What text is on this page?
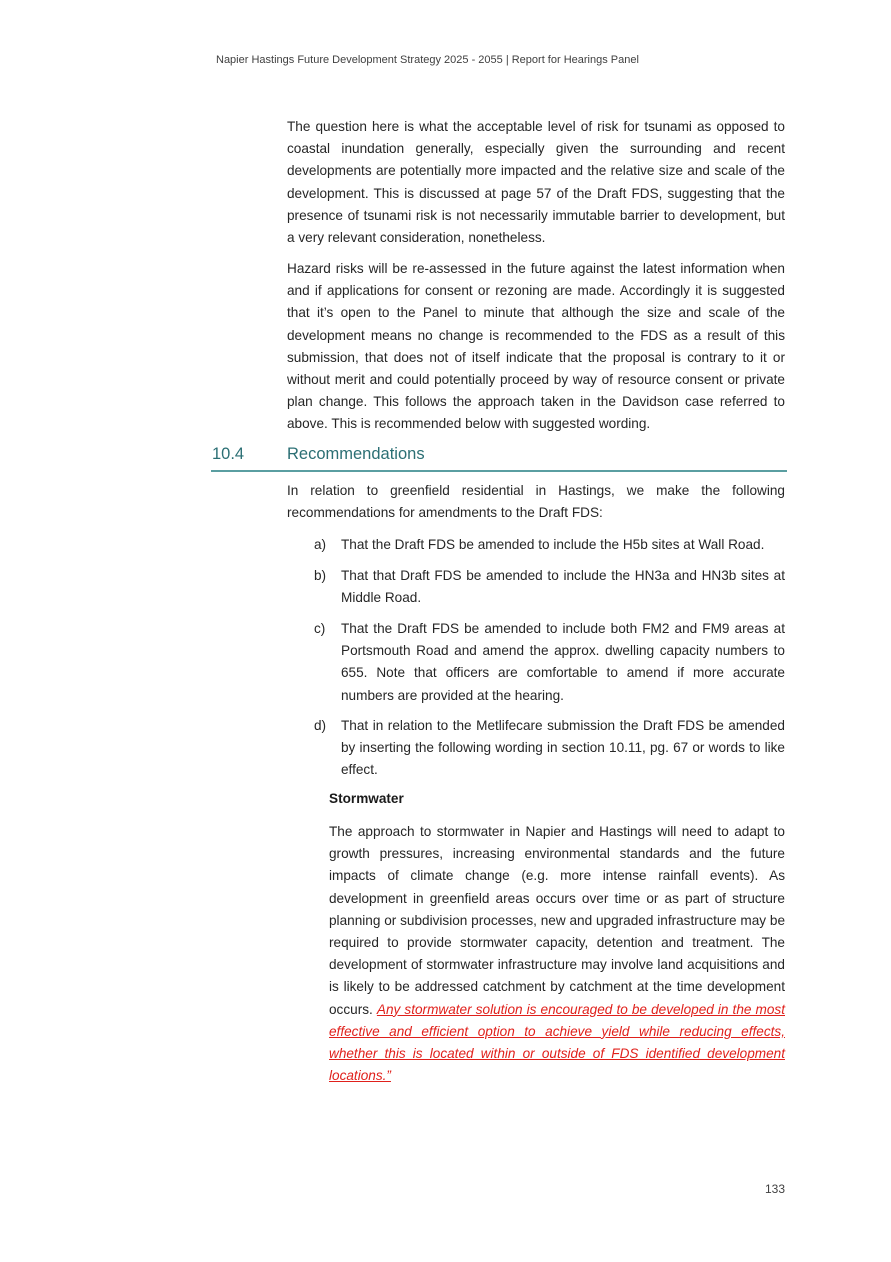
Napier Hastings Future Development Strategy 2025 - 2055 | Report for Hearings Panel

The question here is what the acceptable level of risk for tsunami as opposed to coastal inundation generally, especially given the surrounding and recent developments are potentially more impacted and the relative size and scale of the development. This is discussed at page 57 of the Draft FDS, suggesting that the presence of tsunami risk is not necessarily immutable barrier to development, but a very relevant consideration, nonetheless.

Hazard risks will be re-assessed in the future against the latest information when and if applications for consent or rezoning are made. Accordingly it is suggested that it’s open to the Panel to minute that although the size and scale of the development means no change is recommended to the FDS as a result of this submission, that does not of itself indicate that the proposal is contrary to it or without merit and could potentially proceed by way of resource consent or private plan change. This follows the approach taken in the Davidson case referred to above. This is recommended below with suggested wording.

10.4	Recommendations

In relation to greenfield residential in Hastings, we make the following recommendations for amendments to the Draft FDS:

a) That the Draft FDS be amended to include the H5b sites at Wall Road.
b) That that Draft FDS be amended to include the HN3a and HN3b sites at Middle Road.
c) That the Draft FDS be amended to include both FM2 and FM9 areas at Portsmouth Road and amend the approx. dwelling capacity numbers to 655. Note that officers are comfortable to amend if more accurate numbers are provided at the hearing.
d) That in relation to the Metlifecare submission the Draft FDS be amended by inserting the following wording in section 10.11, pg. 67 or words to like effect.
Stormwater

The approach to stormwater in Napier and Hastings will need to adapt to growth pressures, increasing environmental standards and the future impacts of climate change (e.g. more intense rainfall events). As development in greenfield areas occurs over time or as part of structure planning or subdivision processes, new and upgraded infrastructure may be required to provide stormwater capacity, detention and treatment. The development of stormwater infrastructure may involve land acquisitions and is likely to be addressed catchment by catchment at the time development occurs. Any stormwater solution is encouraged to be developed in the most effective and efficient option to achieve yield while reducing effects, whether this is located within or outside of FDS identified development locations.”

133
